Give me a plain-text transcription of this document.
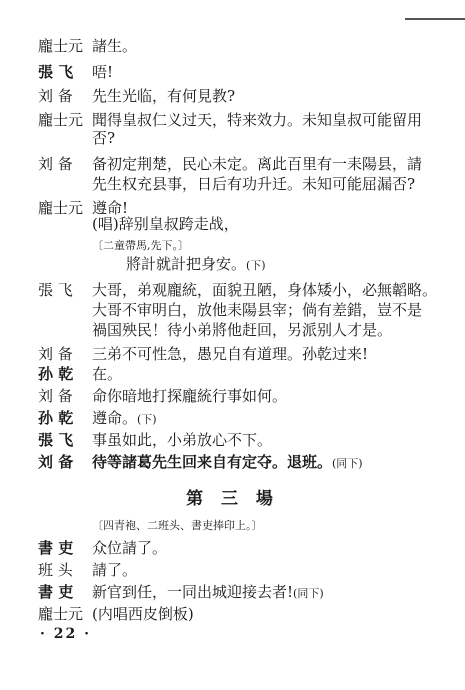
龐士元 諸生。
張 飞	唔!
刘 备	先生光临，有何見教?
龐士元 聞得皇叔仁义过天，特来效力。未知皇叔可能留用
否?
刘 备	备初定荆楚，民心未定。离此百里有一耒陽县，請
先生权充县事，日后有功升迁。未知可能屈漏否?
龐士元 遵命!
(唱)辞别皇叔跨走战，
〔二童帶馬,先下。〕
將計就計把身安。(下)
張 飞	大哥，弟观龐統，面貌丑陋，身体矮小，必無韜略。
大哥不审明白，放他耒陽县宰；倘有差錯，豈不是
禍国殃民！待小弟將他赶回，另派别人才是。
刘 备	三弟不可性急，愚兄自有道理。孙乾过来!
孙 乾	在。
刘 备	命你暗地打探龐統行事如何。
孙 乾	遵命。(下)
張 飞	事虽如此，小弟放心不下。
刘 备	待等諸葛先生回来自有定夺。退班。(同下)
第 三 場
〔四青袍、二班头、書吏捧印上。〕
書 吏	众位請了。
班 头	請了。
書 吏	新官到任，一同出城迎接去者!(同下)
龐士元 (内唱西皮倒板)
· 22 ·
